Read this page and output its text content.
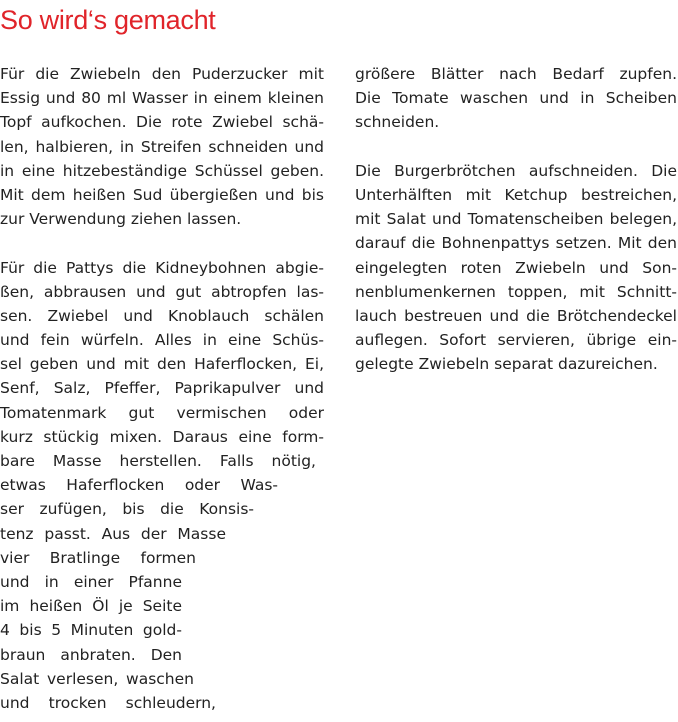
So wird‘s gemacht
Für die Zwiebeln den Puderzucker mit
Essig und 80 ml Wasser in einem kleinen
Topf aufkochen. Die rote Zwiebel schä-
len, halbieren, in Streifen schneiden und
in eine hitzebeständige Schüssel geben.
Mit dem heißen Sud übergießen und bis
zur Verwendung ziehen lassen.
Für die Pattys die Kidneybohnen abgie-
ßen, abbrausen und gut abtropfen las-
sen. Zwiebel und Knoblauch schälen
und fein würfeln. Alles in eine Schüs-
sel geben und mit den Haferflocken, Ei,
Senf, Salz, Pfeffer, Paprikapulver und
Tomatenmark gut vermischen oder
kurz stückig mixen. Daraus eine form-
bare Masse herstellen. Falls nötig,
etwas Haferflocken oder Was-
ser zufügen, bis die Konsis-
tenz passt. Aus der Masse
vier Bratlinge formen
und in einer Pfanne
im heißen Öl je Seite
4 bis 5 Minuten gold-
braun anbraten. Den
Salat verlesen, waschen
und trocken schleudern,
größere Blätter nach Bedarf zupfen.
Die Tomate waschen und in Scheiben
schneiden.
Die Burgerbrötchen aufschneiden. Die
Unterhälften mit Ketchup bestreichen,
mit Salat und Tomatenscheiben belegen,
darauf die Bohnenpattys setzen. Mit den
eingelegten roten Zwiebeln und Son-
nenblumenkernen toppen, mit Schnitt-
lauch bestreuen und die Brötchendeckel
auflegen. Sofort servieren, übrige ein-
gelegte Zwiebeln separat dazureichen.
